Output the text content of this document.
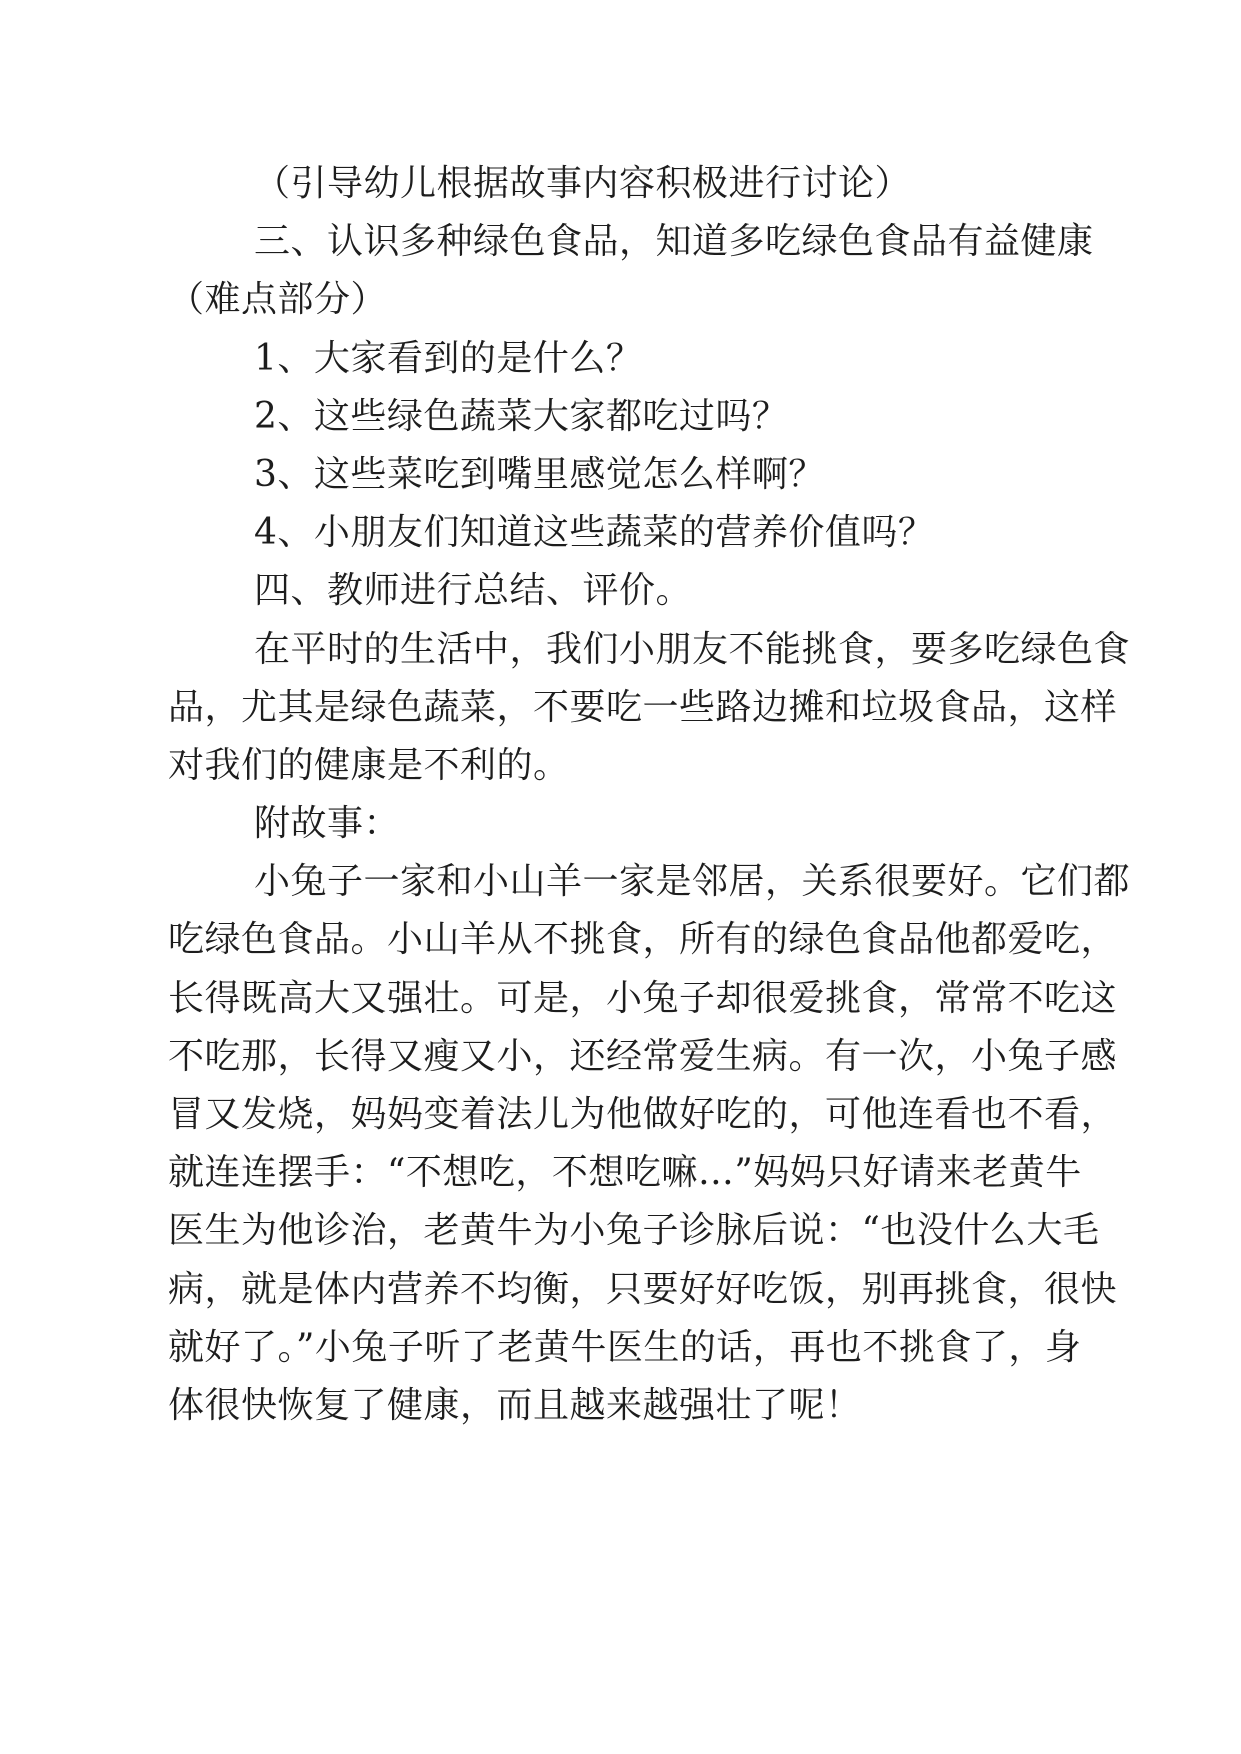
（引导幼儿根据故事内容积极进行讨论）
三、认识多种绿色食品，知道多吃绿色食品有益健康
（难点部分）
1、大家看到的是什么？
2、这些绿色蔬菜大家都吃过吗？
3、这些菜吃到嘴里感觉怎么样啊？
4、小朋友们知道这些蔬菜的营养价值吗？
四、教师进行总结、评价。
在平时的生活中，我们小朋友不能挑食，要多吃绿色食
品，尤其是绿色蔬菜，不要吃一些路边摊和垃圾食品，这样
对我们的健康是不利的。
附故事：
小兔子一家和小山羊一家是邻居，关系很要好。它们都
吃绿色食品。小山羊从不挑食，所有的绿色食品他都爱吃，
长得既高大又强壮。可是，小兔子却很爱挑食，常常不吃这
不吃那，长得又瘦又小，还经常爱生病。有一次，小兔子感
冒又发烧，妈妈变着法儿为他做好吃的，可他连看也不看，
就连连摆手：“不想吃，不想吃嘛…”妈妈只好请来老黄牛
医生为他诊治，老黄牛为小兔子诊脉后说：“也没什么大毛
病，就是体内营养不均衡，只要好好吃饭，别再挑食，很快
就好了。”小兔子听了老黄牛医生的话，再也不挑食了，身
体很快恢复了健康，而且越来越强壮了呢！
